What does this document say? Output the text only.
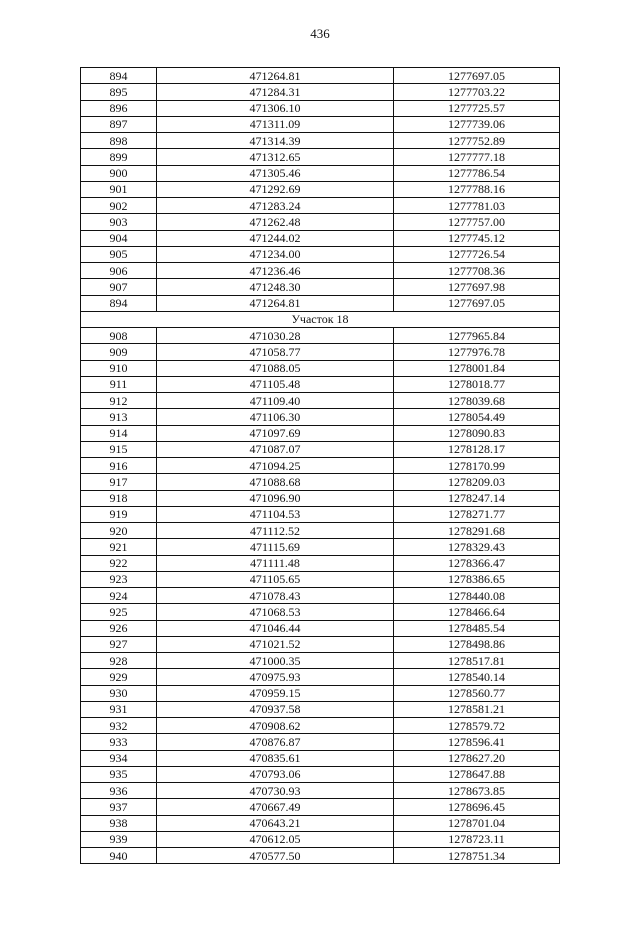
436
894	471264.81	1277697.05
895	471284.31	1277703.22
896	471306.10	1277725.57
897	471311.09	1277739.06
898	471314.39	1277752.89
899	471312.65	1277777.18
900	471305.46	1277786.54
901	471292.69	1277788.16
902	471283.24	1277781.03
903	471262.48	1277757.00
904	471244.02	1277745.12
905	471234.00	1277726.54
906	471236.46	1277708.36
907	471248.30	1277697.98
894	471264.81	1277697.05
Участок 18		
908	471030.28	1277965.84
909	471058.77	1277976.78
910	471088.05	1278001.84
911	471105.48	1278018.77
912	471109.40	1278039.68
913	471106.30	1278054.49
914	471097.69	1278090.83
915	471087.07	1278128.17
916	471094.25	1278170.99
917	471088.68	1278209.03
918	471096.90	1278247.14
919	471104.53	1278271.77
920	471112.52	1278291.68
921	471115.69	1278329.43
922	471111.48	1278366.47
923	471105.65	1278386.65
924	471078.43	1278440.08
925	471068.53	1278466.64
926	471046.44	1278485.54
927	471021.52	1278498.86
928	471000.35	1278517.81
929	470975.93	1278540.14
930	470959.15	1278560.77
931	470937.58	1278581.21
932	470908.62	1278579.72
933	470876.87	1278596.41
934	470835.61	1278627.20
935	470793.06	1278647.88
936	470730.93	1278673.85
937	470667.49	1278696.45
938	470643.21	1278701.04
939	470612.05	1278723.11
940	470577.50	1278751.34
